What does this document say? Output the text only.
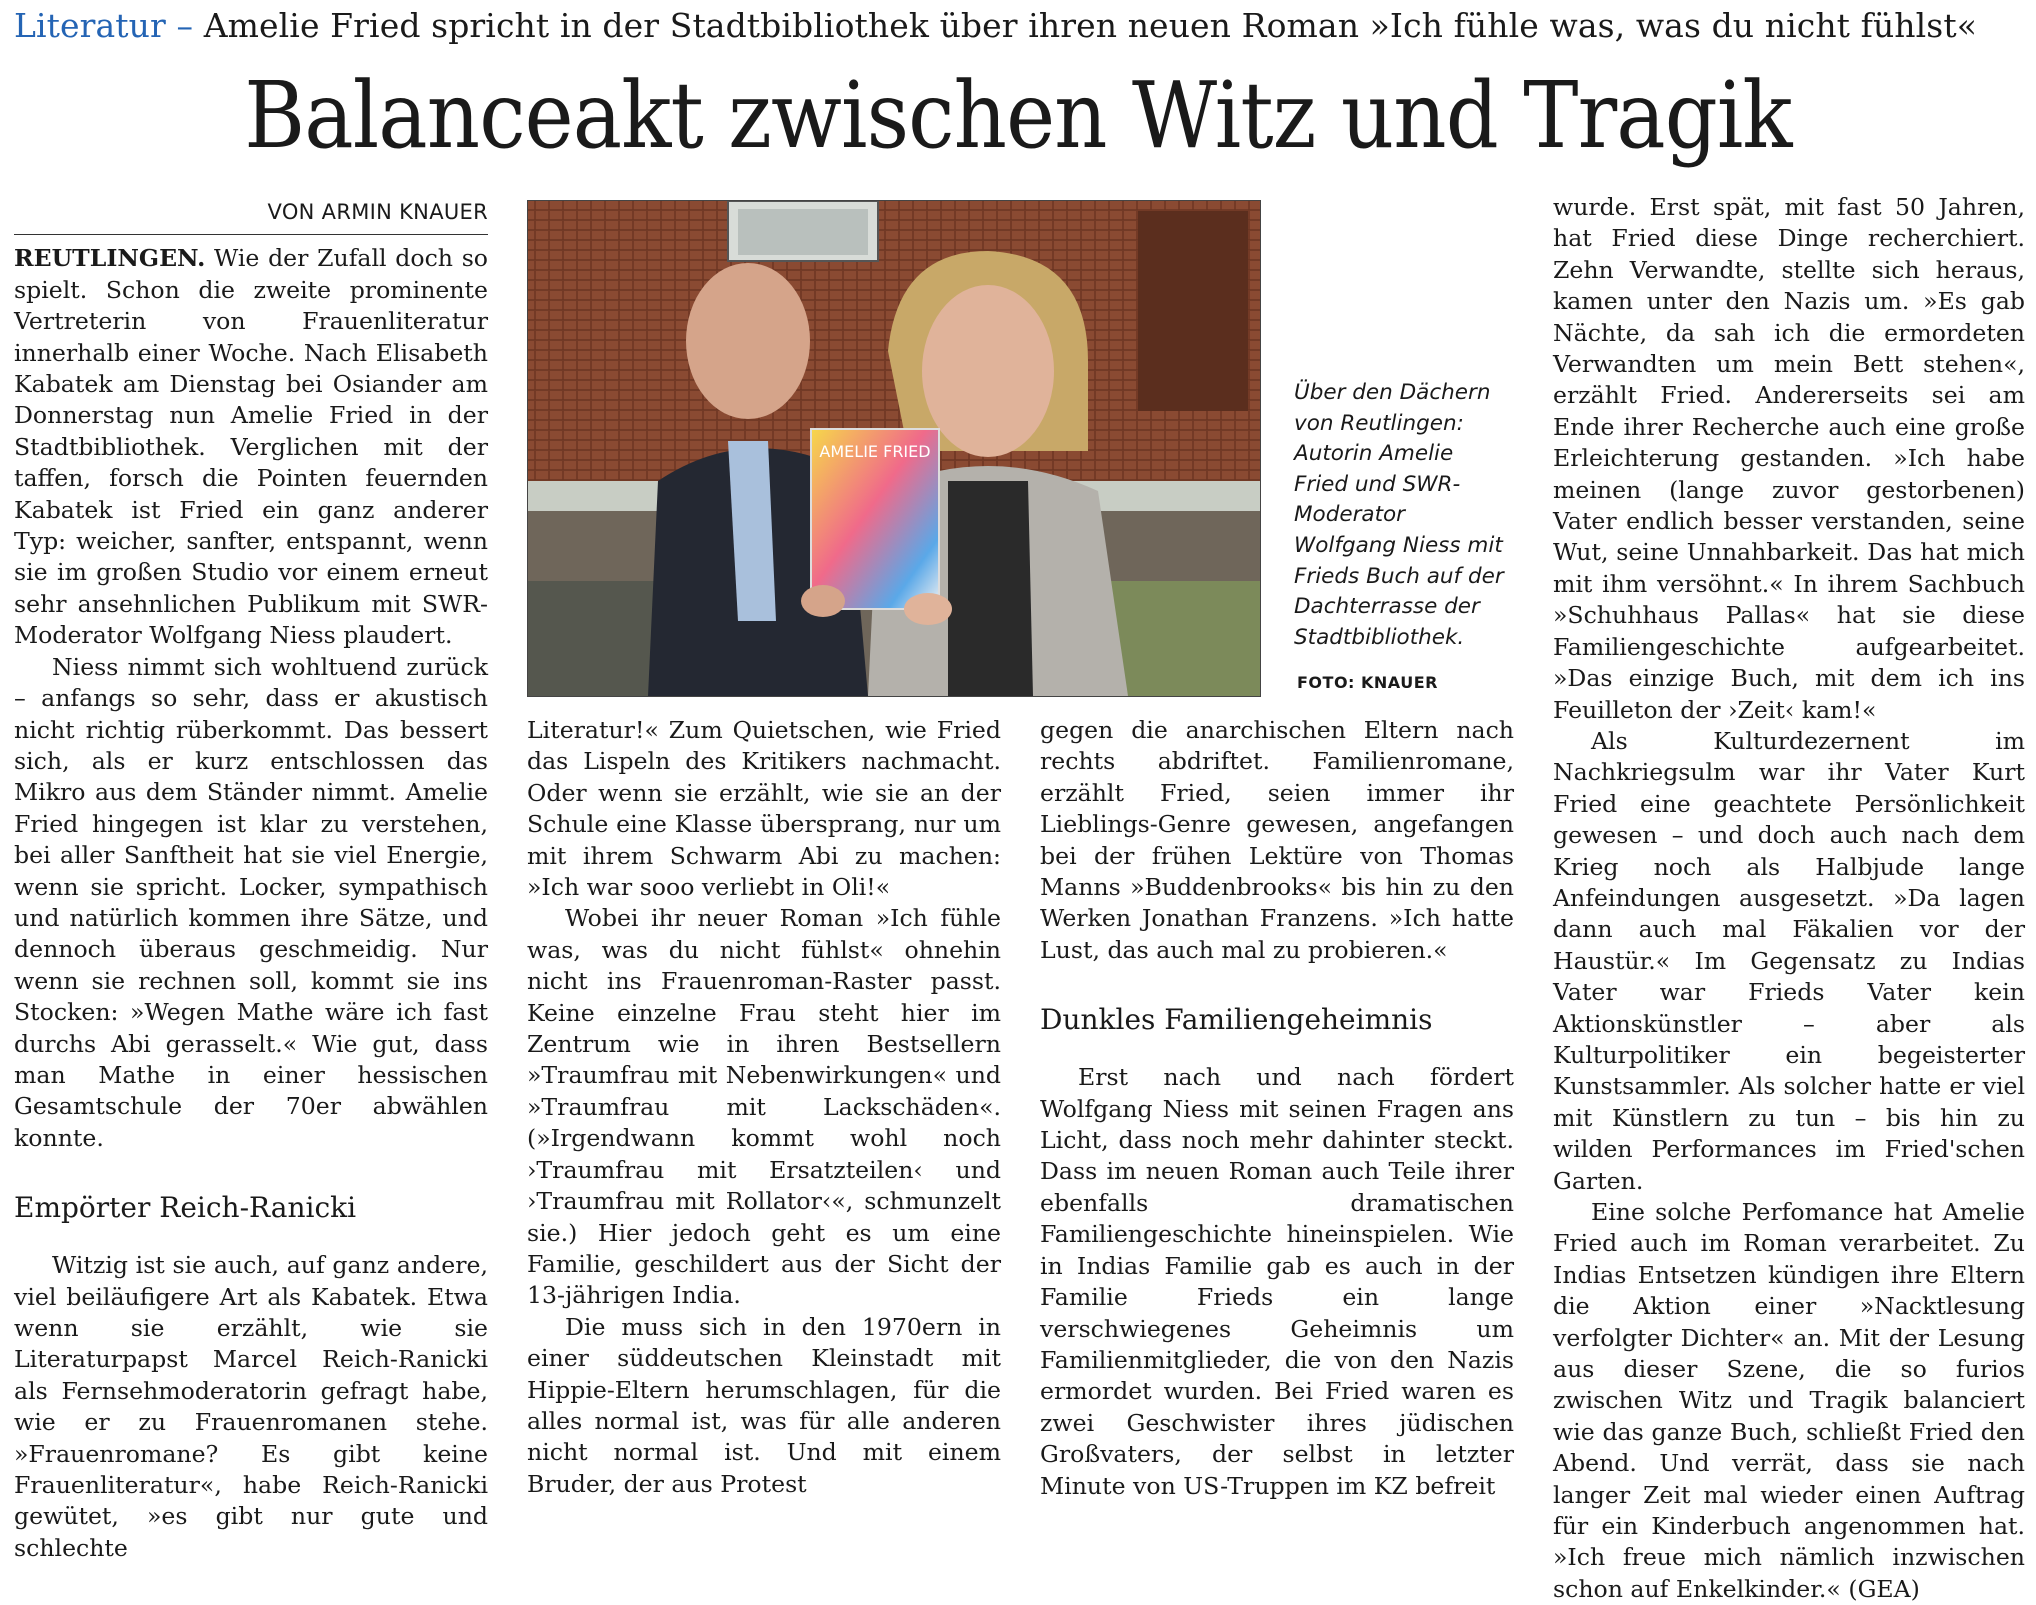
Literatur – Amelie Fried spricht in der Stadtbibliothek über ihren neuen Roman »Ich fühle was, was du nicht fühlst«
Balanceakt zwischen Witz und Tragik
VON ARMIN KNAUER

REUTLINGEN. Wie der Zufall doch so spielt. Schon die zweite prominente Vertreterin von Frauenliteratur innerhalb einer Woche. Nach Elisabeth Kabatek am Dienstag bei Osiander am Donnerstag nun Amelie Fried in der Stadtbibliothek. Verglichen mit der taffen, forsch die Pointen feuernden Kabatek ist Fried ein ganz anderer Typ: weicher, sanfter, entspannt, wenn sie im großen Studio vor einem erneut sehr ansehnlichen Publikum mit SWR-Moderator Wolfgang Niess plaudert.

Niess nimmt sich wohltuend zurück – anfangs so sehr, dass er akustisch nicht richtig rüberkommt. Das bessert sich, als er kurz entschlossen das Mikro aus dem Ständer nimmt. Amelie Fried hingegen ist klar zu verstehen, bei aller Sanftheit hat sie viel Energie, wenn sie spricht. Locker, sympathisch und natürlich kommen ihre Sätze, und dennoch überaus geschmeidig. Nur wenn sie rechnen soll, kommt sie ins Stocken: »Wegen Mathe wäre ich fast durchs Abi gerasselt.« Wie gut, dass man Mathe in einer hessischen Gesamtschule der 70er abwählen konnte.

Empörter Reich-Ranicki

Witzig ist sie auch, auf ganz andere, viel beiläufigere Art als Kabatek. Etwa wenn sie erzählt, wie sie Literaturpapst Marcel Reich-Ranicki als Fernsehmoderatorin gefragt habe, wie er zu Frauenromanen stehe. »Frauenromane? Es gibt keine Frauenliteratur«, habe Reich-Ranicki gewütet, »es gibt nur gute und schlechte

AMELIE FRIED
Über den Dächern von Reutlingen: Autorin Amelie Fried und SWR-Moderator Wolfgang Niess mit Frieds Buch auf der Dachterrasse der Stadtbibliothek.
FOTO: KNAUER

Literatur!« Zum Quietschen, wie Fried das Lispeln des Kritikers nachmacht. Oder wenn sie erzählt, wie sie an der Schule eine Klasse übersprang, nur um mit ihrem Schwarm Abi zu machen: »Ich war sooo verliebt in Oli!«

Wobei ihr neuer Roman »Ich fühle was, was du nicht fühlst« ohnehin nicht ins Frauenroman-Raster passt. Keine einzelne Frau steht hier im Zentrum wie in ihren Bestsellern »Traumfrau mit Nebenwirkungen« und »Traumfrau mit Lackschäden«. (»Irgendwann kommt wohl noch ›Traumfrau mit Ersatzteilen‹ und ›Traumfrau mit Rollator‹«, schmunzelt sie.) Hier jedoch geht es um eine Familie, geschildert aus der Sicht der 13-jährigen India.

Die muss sich in den 1970ern in einer süddeutschen Kleinstadt mit Hippie-Eltern herumschlagen, für die alles normal ist, was für alle anderen nicht normal ist. Und mit einem Bruder, der aus Protest

gegen die anarchischen Eltern nach rechts abdriftet. Familienromane, erzählt Fried, seien immer ihr Lieblings-Genre gewesen, angefangen bei der frühen Lektüre von Thomas Manns »Buddenbrooks« bis hin zu den Werken Jonathan Franzens. »Ich hatte Lust, das auch mal zu probieren.«

Dunkles Familiengeheimnis

Erst nach und nach fördert Wolfgang Niess mit seinen Fragen ans Licht, dass noch mehr dahinter steckt. Dass im neuen Roman auch Teile ihrer ebenfalls dramatischen Familiengeschichte hineinspielen. Wie in Indias Familie gab es auch in der Familie Frieds ein lange verschwiegenes Geheimnis um Familienmitglieder, die von den Nazis ermordet wurden. Bei Fried waren es zwei Geschwister ihres jüdischen Großvaters, der selbst in letzter Minute von US-Truppen im KZ befreit

wurde. Erst spät, mit fast 50 Jahren, hat Fried diese Dinge recherchiert. Zehn Verwandte, stellte sich heraus, kamen unter den Nazis um. »Es gab Nächte, da sah ich die ermordeten Verwandten um mein Bett stehen«, erzählt Fried. Andererseits sei am Ende ihrer Recherche auch eine große Erleichterung gestanden. »Ich habe meinen (lange zuvor gestorbenen) Vater endlich besser verstanden, seine Wut, seine Unnahbarkeit. Das hat mich mit ihm versöhnt.« In ihrem Sachbuch »Schuhhaus Pallas« hat sie diese Familiengeschichte aufgearbeitet. »Das einzige Buch, mit dem ich ins Feuilleton der ›Zeit‹ kam!«

Als Kulturdezernent im Nachkriegsulm war ihr Vater Kurt Fried eine geachtete Persönlichkeit gewesen – und doch auch nach dem Krieg noch als Halbjude lange Anfeindungen ausgesetzt. »Da lagen dann auch mal Fäkalien vor der Haustür.« Im Gegensatz zu Indias Vater war Frieds Vater kein Aktionskünstler – aber als Kulturpolitiker ein begeisterter Kunstsammler. Als solcher hatte er viel mit Künstlern zu tun – bis hin zu wilden Performances im Fried'schen Garten.

Eine solche Perfomance hat Amelie Fried auch im Roman verarbeitet. Zu Indias Entsetzen kündigen ihre Eltern die Aktion einer »Nacktlesung verfolgter Dichter« an. Mit der Lesung aus dieser Szene, die so furios zwischen Witz und Tragik balanciert wie das ganze Buch, schließt Fried den Abend. Und verrät, dass sie nach langer Zeit mal wieder einen Auftrag für ein Kinderbuch angenommen hat. »Ich freue mich nämlich inzwischen schon auf Enkelkinder.« (GEA)
